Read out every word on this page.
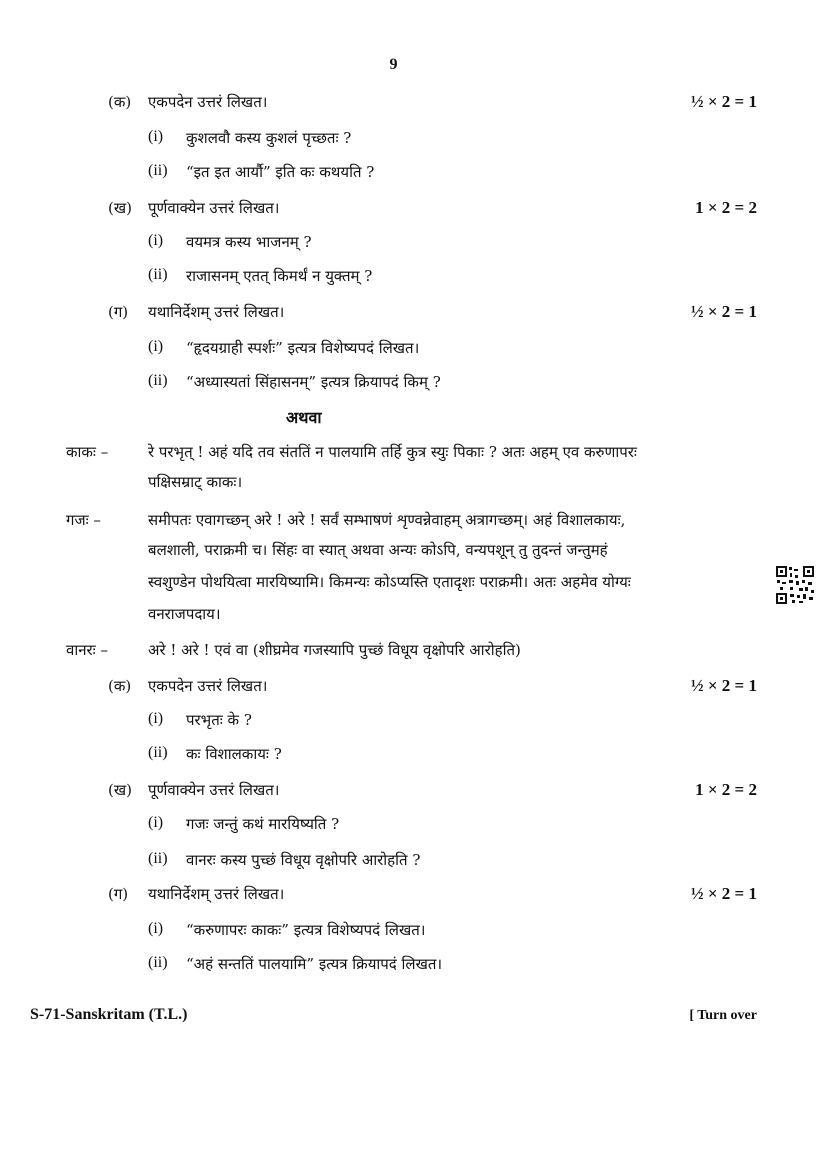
9
(क) एकपदेन उत्तरं लिखत।	½ × 2 = 1
(i) कुशलवौ कस्य कुशलं पृच्छतः ?
(ii) “इत इत आर्यौ” इति कः कथयति ?
(ख) पूर्णवाक्येन उत्तरं लिखत।	1 × 2 = 2
(i) वयमत्र कस्य भाजनम् ?
(ii) राजासनम् एतत् किमर्थं न युक्तम् ?
(ग) यथानिर्देशम् उत्तरं लिखत।	½ × 2 = 1
(i) “हृदयग्राही स्पर्शः” इत्यत्र विशेष्यपदं लिखत।
(ii) “अध्यास्यतां सिंहासनम्” इत्यत्र क्रियापदं किम् ?
अथवा
काकः –	रे परभृत् ! अहं यदि तव संततिं न पालयामि तर्हि कुत्र स्युः पिकाः ? अतः अहम् एव करुणापरः
पक्षिसम्राट् काकः।
गजः –	समीपतः एवागच्छन् अरे ! अरे ! सर्वं सम्भाषणं शृण्वन्नेवाहम् अत्रागच्छम्। अहं विशालकायः,
बलशाली, पराक्रमी च। सिंहः वा स्यात् अथवा अन्यः कोऽपि, वन्यपशून् तु तुदन्तं जन्तुमहं
स्वशुण्डेन पोथयित्वा मारयिष्यामि। किमन्यः कोऽप्यस्ति एतादृशः पराक्रमी। अतः अहमेव योग्यः
वनराजपदाय।
वानरः –	अरे ! अरे ! एवं वा (शीघ्रमेव गजस्यापि पुच्छं विधूय वृक्षोपरि आरोहति)
(क) एकपदेन उत्तरं लिखत।	½ × 2 = 1
(i) परभृतः के ?
(ii) कः विशालकायः ?
(ख) पूर्णवाक्येन उत्तरं लिखत।	1 × 2 = 2
(i) गजः जन्तुं कथं मारयिष्यति ?
(ii) वानरः कस्य पुच्छं विधूय वृक्षोपरि आरोहति ?
(ग) यथानिर्देशम् उत्तरं लिखत।	½ × 2 = 1
(i) “करुणापरः काकः” इत्यत्र विशेष्यपदं लिखत।
(ii) “अहं सन्ततिं पालयामि” इत्यत्र क्रियापदं लिखत।
S-71-Sanskritam (T.L.)	[ Turn over
